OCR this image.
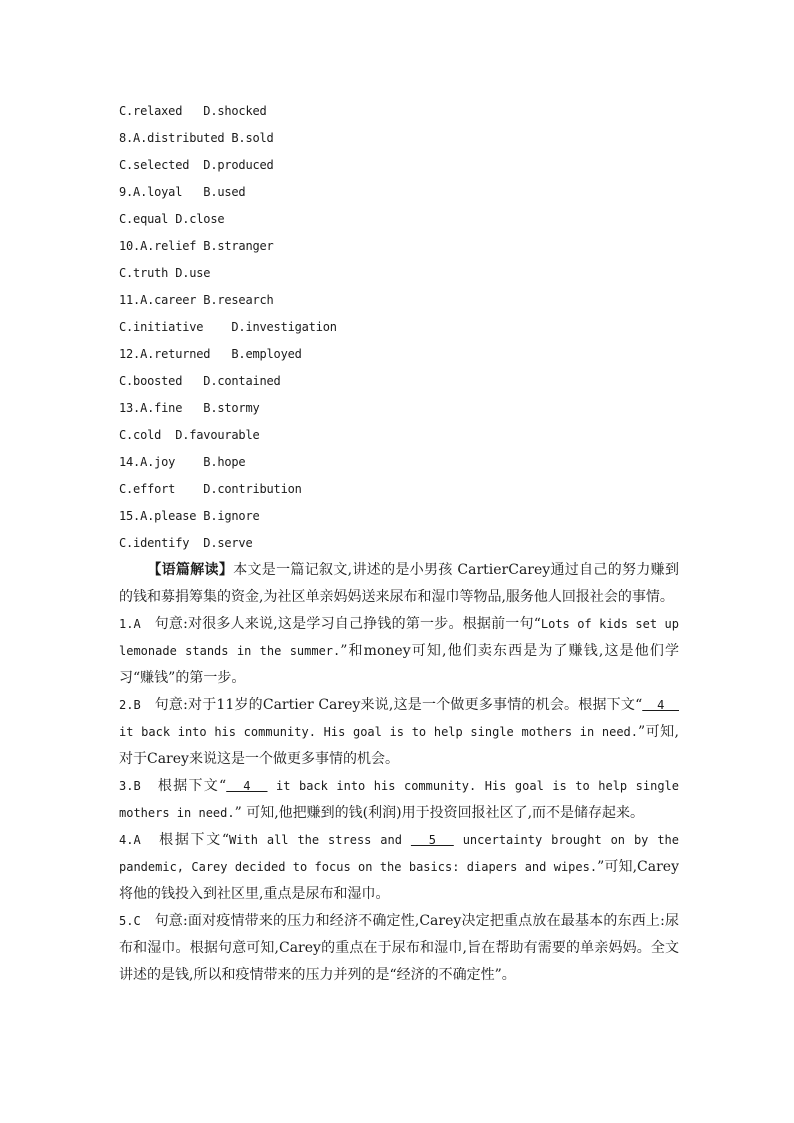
C.relaxed   D.shocked
8.A.distributed B.sold
C.selected  D.produced
9.A.loyal   B.used
C.equal D.close
10.A.relief B.stranger
C.truth D.use
11.A.career B.research
C.initiative    D.investigation
12.A.returned   B.employed
C.boosted   D.contained
13.A.fine   B.stormy
C.cold  D.favourable
14.A.joy    B.hope
C.effort    D.contribution
15.A.please B.ignore
C.identify  D.serve
【语篇解读】本文是一篇记叙文,讲述的是小男孩 CartierCarey通过自己的努力赚到的钱和募捐筹集的资金,为社区单亲妈妈送来尿布和湿巾等物品,服务他人回报社会的事情。
1.A 句意:对很多人来说,这是学习自己挣钱的第一步。根据前一句“Lots of kids set up lemonade stands in the summer.”和money可知,他们卖东西是为了赚钱,这是他们学习“赚钱”的第一步。
2.B 句意:对于11岁的Cartier Carey来说,这是一个做更多事情的机会。根据下文“  4   it back into his community. His goal is to help single mothers in need.”可知,对于Carey来说这是一个做更多事情的机会。
3.B 根据下文“  4   it back into his community. His goal is to help single mothers in need.” 可知,他把赚到的钱(利润)用于投资回报社区了,而不是储存起来。
4.A 根据下文“With all the stress and   5   uncertainty brought on by the pandemic, Carey decided to focus on the basics: diapers and wipes.”可知,Carey将他的钱投入到社区里,重点是尿布和湿巾。
5.C 句意:面对疫情带来的压力和经济不确定性,Carey决定把重点放在最基本的东西上:尿布和湿巾。根据句意可知,Carey的重点在于尿布和湿巾,旨在帮助有需要的单亲妈妈。全文讲述的是钱,所以和疫情带来的压力并列的是“经济的不确定性”。
